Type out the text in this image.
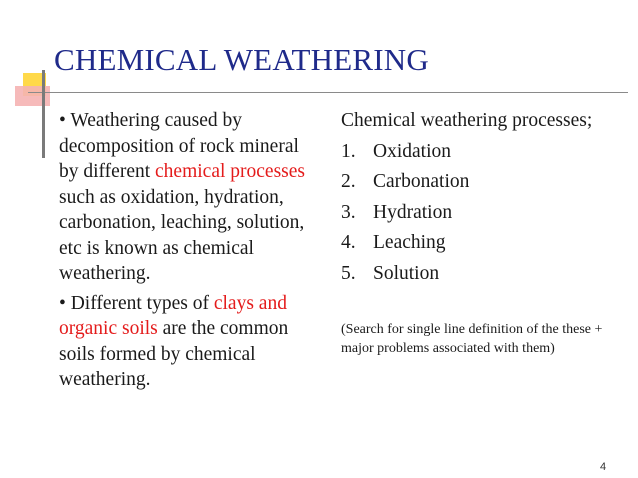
CHEMICAL WEATHERING

• Weathering caused by decomposition of rock mineral by different chemical processes such as oxidation, hydration, carbonation, leaching, solution, etc is known as chemical weathering.

• Different types of clays and organic soils are the common soils formed by chemical weathering.

Chemical weathering processes;

1. Oxidation
2. Carbonation
3. Hydration
4. Leaching
5. Solution

(Search for single line definition of the these + major problems associated with them)

4
